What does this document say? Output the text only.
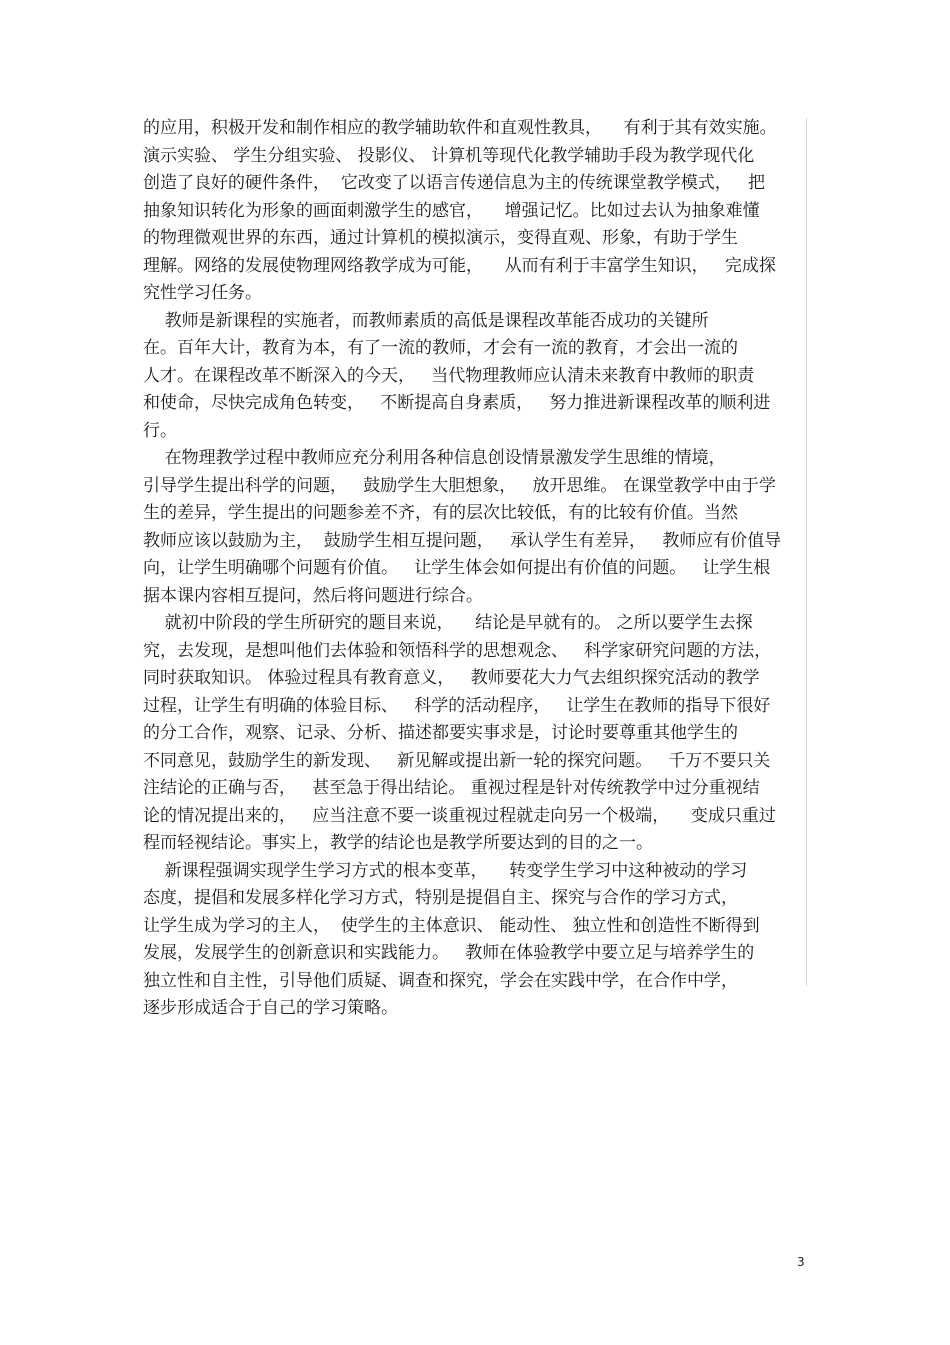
的应用，积极开发和制作相应的教学辅助软件和直观性教具，    有利于其有效实施。
演示实验、 学生分组实验、 投影仪、 计算机等现代化教学辅助手段为教学现代化
创造了良好的硬件条件，  它改变了以语言传递信息为主的传统课堂教学模式，   把
抽象知识转化为形象的画面刺激学生的感官，    增强记忆。比如过去认为抽象难懂
的物理微观世界的东西，通过计算机的模拟演示，变得直观、形象，有助于学生
理解。网络的发展使物理网络教学成为可能，    从而有利于丰富学生知识，   完成探
究性学习任务。
教师是新课程的实施者，而教师素质的高低是课程改革能否成功的关键所
在。百年大计，教育为本，有了一流的教师，才会有一流的教育，才会出一流的
人才。在课程改革不断深入的今天，   当代物理教师应认清未来教育中教师的职责
和使命，尽快完成角色转变，   不断提高自身素质，   努力推进新课程改革的顺利进
行。
在物理教学过程中教师应充分利用各种信息创设情景激发学生思维的情境，
引导学生提出科学的问题，   鼓励学生大胆想象，   放开思维。 在课堂教学中由于学
生的差异，学生提出的问题参差不齐，有的层次比较低，有的比较有价值。当然
教师应该以鼓励为主，  鼓励学生相互提问题，   承认学生有差异，   教师应有价值导
向，让学生明确哪个问题有价值。   让学生体会如何提出有价值的问题。   让学生根
据本课内容相互提问，然后将问题进行综合。
就初中阶段的学生所研究的题目来说，    结论是早就有的。 之所以要学生去探
究，去发现，是想叫他们去体验和领悟科学的思想观念、   科学家研究问题的方法，
同时获取知识。 体验过程具有教育意义，   教师要花大力气去组织探究活动的教学
过程，让学生有明确的体验目标、   科学的活动程序，   让学生在教师的指导下很好
的分工合作，观察、记录、分析、描述都要实事求是，讨论时要尊重其他学生的
不同意见，鼓励学生的新发现、   新见解或提出新一轮的探究问题。   千万不要只关
注结论的正确与否，   甚至急于得出结论。 重视过程是针对传统教学中过分重视结
论的情况提出来的，   应当注意不要一谈重视过程就走向另一个极端，    变成只重过
程而轻视结论。事实上，教学的结论也是教学所要达到的目的之一。
新课程强调实现学生学习方式的根本变革，    转变学生学习中这种被动的学习
态度，提倡和发展多样化学习方式，特别是提倡自主、探究与合作的学习方式，
让学生成为学习的主人，  使学生的主体意识、 能动性、 独立性和创造性不断得到
发展，发展学生的创新意识和实践能力。   教师在体验教学中要立足与培养学生的
独立性和自主性，引导他们质疑、调查和探究，学会在实践中学，在合作中学，
逐步形成适合于自己的学习策略。
3
